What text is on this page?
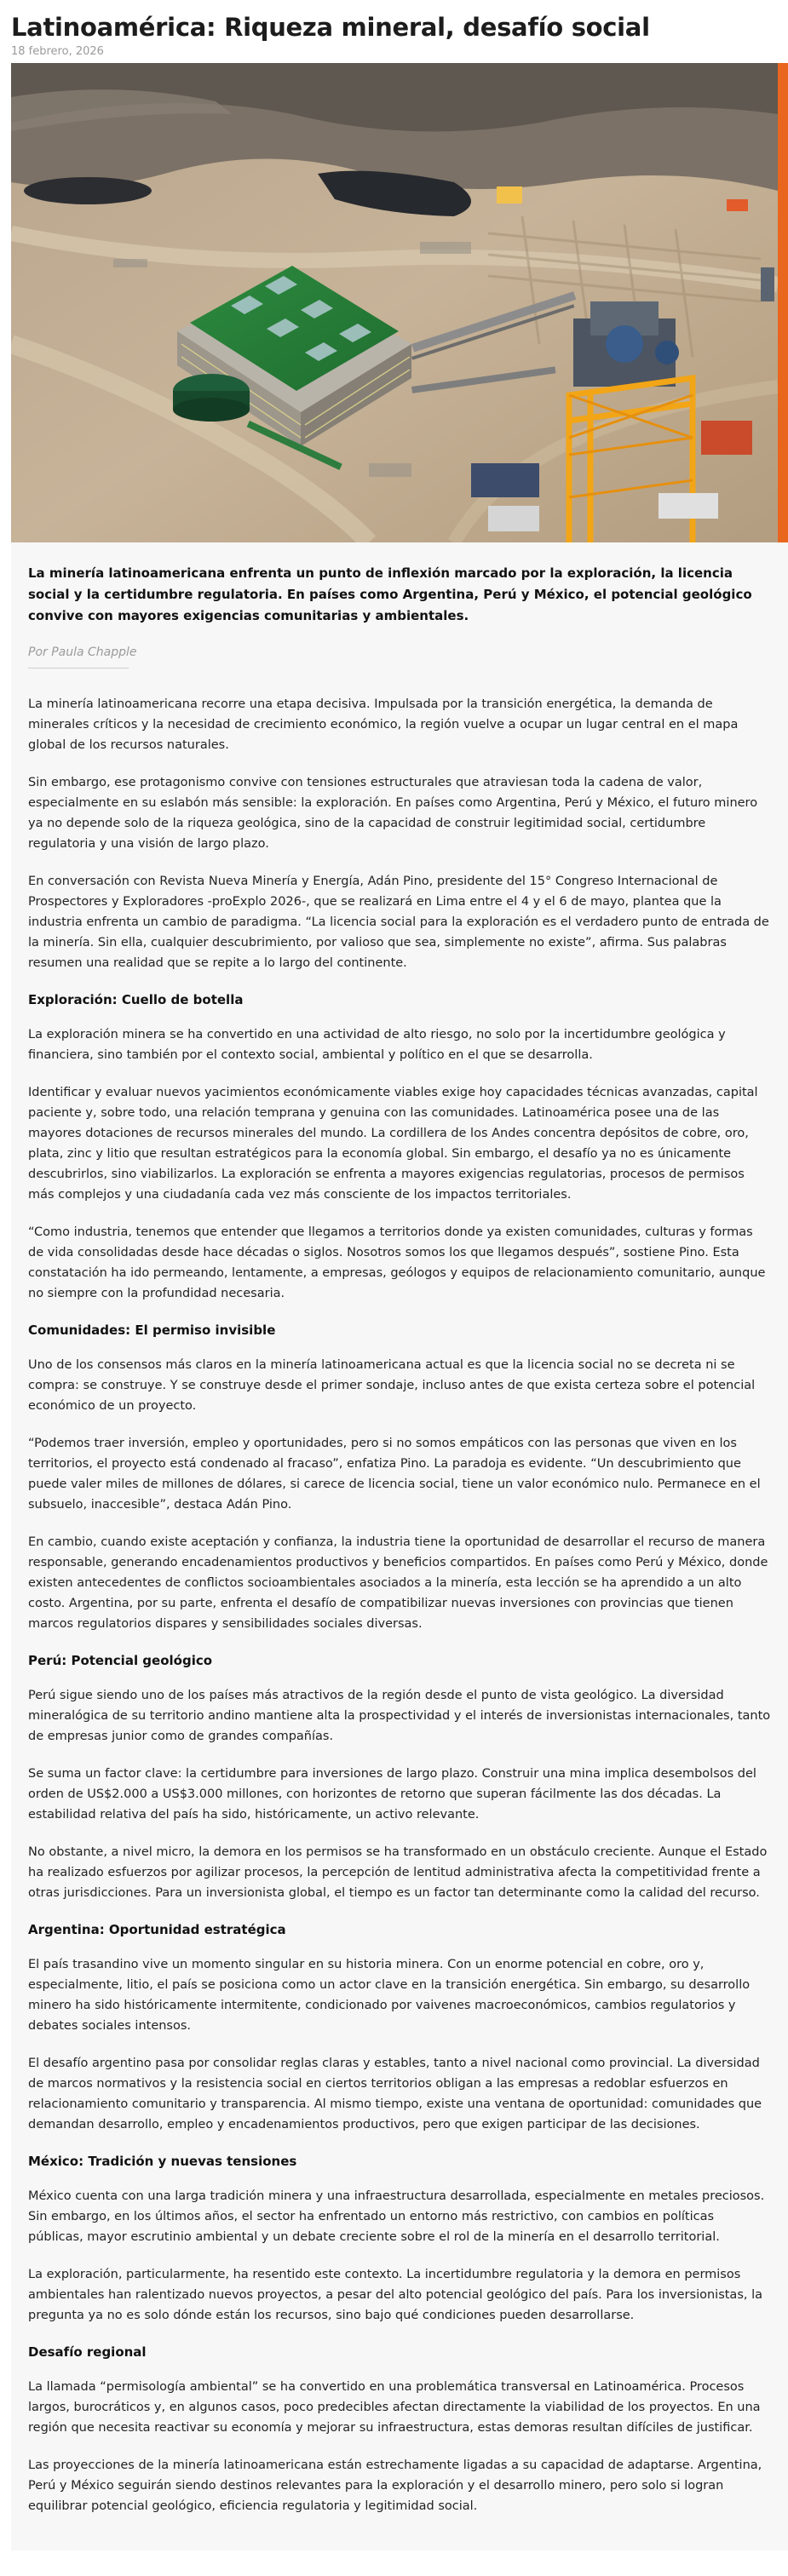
Latinoamérica: Riqueza mineral, desafío social
18 febrero, 2026

La minería latinoamericana enfrenta un punto de inflexión marcado por la exploración, la licencia social y la certidumbre regulatoria. En países como Argentina, Perú y México, el potencial geológico convive con mayores exigencias comunitarias y ambientales.

Por Paula Chapple

La minería latinoamericana recorre una etapa decisiva. Impulsada por la transición energética, la demanda de minerales críticos y la necesidad de crecimiento económico, la región vuelve a ocupar un lugar central en el mapa global de los recursos naturales.

Sin embargo, ese protagonismo convive con tensiones estructurales que atraviesan toda la cadena de valor, especialmente en su eslabón más sensible: la exploración. En países como Argentina, Perú y México, el futuro minero ya no depende solo de la riqueza geológica, sino de la capacidad de construir legitimidad social, certidumbre regulatoria y una visión de largo plazo.

En conversación con Revista Nueva Minería y Energía, Adán Pino, presidente del 15° Congreso Internacional de Prospectores y Exploradores -proExplo 2026-, que se realizará en Lima entre el 4 y el 6 de mayo, plantea que la industria enfrenta un cambio de paradigma. “La licencia social para la exploración es el verdadero punto de entrada de la minería. Sin ella, cualquier descubrimiento, por valioso que sea, simplemente no existe”, afirma. Sus palabras resumen una realidad que se repite a lo largo del continente.

Exploración: Cuello de botella

La exploración minera se ha convertido en una actividad de alto riesgo, no solo por la incertidumbre geológica y financiera, sino también por el contexto social, ambiental y político en el que se desarrolla.

Identificar y evaluar nuevos yacimientos económicamente viables exige hoy capacidades técnicas avanzadas, capital paciente y, sobre todo, una relación temprana y genuina con las comunidades. Latinoamérica posee una de las mayores dotaciones de recursos minerales del mundo. La cordillera de los Andes concentra depósitos de cobre, oro, plata, zinc y litio que resultan estratégicos para la economía global. Sin embargo, el desafío ya no es únicamente descubrirlos, sino viabilizarlos. La exploración se enfrenta a mayores exigencias regulatorias, procesos de permisos más complejos y una ciudadanía cada vez más consciente de los impactos territoriales.

“Como industria, tenemos que entender que llegamos a territorios donde ya existen comunidades, culturas y formas de vida consolidadas desde hace décadas o siglos. Nosotros somos los que llegamos después”, sostiene Pino. Esta constatación ha ido permeando, lentamente, a empresas, geólogos y equipos de relacionamiento comunitario, aunque no siempre con la profundidad necesaria.

Comunidades: El permiso invisible

Uno de los consensos más claros en la minería latinoamericana actual es que la licencia social no se decreta ni se compra: se construye. Y se construye desde el primer sondaje, incluso antes de que exista certeza sobre el potencial económico de un proyecto.

“Podemos traer inversión, empleo y oportunidades, pero si no somos empáticos con las personas que viven en los territorios, el proyecto está condenado al fracaso”, enfatiza Pino. La paradoja es evidente. “Un descubrimiento que puede valer miles de millones de dólares, si carece de licencia social, tiene un valor económico nulo. Permanece en el subsuelo, inaccesible”, destaca Adán Pino.

En cambio, cuando existe aceptación y confianza, la industria tiene la oportunidad de desarrollar el recurso de manera responsable, generando encadenamientos productivos y beneficios compartidos. En países como Perú y México, donde existen antecedentes de conflictos socioambientales asociados a la minería, esta lección se ha aprendido a un alto costo. Argentina, por su parte, enfrenta el desafío de compatibilizar nuevas inversiones con provincias que tienen marcos regulatorios dispares y sensibilidades sociales diversas.

Perú: Potencial geológico

Perú sigue siendo uno de los países más atractivos de la región desde el punto de vista geológico. La diversidad mineralógica de su territorio andino mantiene alta la prospectividad y el interés de inversionistas internacionales, tanto de empresas junior como de grandes compañías.

Se suma un factor clave: la certidumbre para inversiones de largo plazo. Construir una mina implica desembolsos del orden de US$2.000 a US$3.000 millones, con horizontes de retorno que superan fácilmente las dos décadas. La estabilidad relativa del país ha sido, históricamente, un activo relevante.

No obstante, a nivel micro, la demora en los permisos se ha transformado en un obstáculo creciente. Aunque el Estado ha realizado esfuerzos por agilizar procesos, la percepción de lentitud administrativa afecta la competitividad frente a otras jurisdicciones. Para un inversionista global, el tiempo es un factor tan determinante como la calidad del recurso.

Argentina: Oportunidad estratégica

El país trasandino vive un momento singular en su historia minera. Con un enorme potencial en cobre, oro y, especialmente, litio, el país se posiciona como un actor clave en la transición energética. Sin embargo, su desarrollo minero ha sido históricamente intermitente, condicionado por vaivenes macroeconómicos, cambios regulatorios y debates sociales intensos.

El desafío argentino pasa por consolidar reglas claras y estables, tanto a nivel nacional como provincial. La diversidad de marcos normativos y la resistencia social en ciertos territorios obligan a las empresas a redoblar esfuerzos en relacionamiento comunitario y transparencia. Al mismo tiempo, existe una ventana de oportunidad: comunidades que demandan desarrollo, empleo y encadenamientos productivos, pero que exigen participar de las decisiones.

México: Tradición y nuevas tensiones

México cuenta con una larga tradición minera y una infraestructura desarrollada, especialmente en metales preciosos. Sin embargo, en los últimos años, el sector ha enfrentado un entorno más restrictivo, con cambios en políticas públicas, mayor escrutinio ambiental y un debate creciente sobre el rol de la minería en el desarrollo territorial.

La exploración, particularmente, ha resentido este contexto. La incertidumbre regulatoria y la demora en permisos ambientales han ralentizado nuevos proyectos, a pesar del alto potencial geológico del país. Para los inversionistas, la pregunta ya no es solo dónde están los recursos, sino bajo qué condiciones pueden desarrollarse.

Desafío regional

La llamada “permisología ambiental” se ha convertido en una problemática transversal en Latinoamérica. Procesos largos, burocráticos y, en algunos casos, poco predecibles afectan directamente la viabilidad de los proyectos. En una región que necesita reactivar su economía y mejorar su infraestructura, estas demoras resultan difíciles de justificar.

Las proyecciones de la minería latinoamericana están estrechamente ligadas a su capacidad de adaptarse. Argentina, Perú y México seguirán siendo destinos relevantes para la exploración y el desarrollo minero, pero solo si logran equilibrar potencial geológico, eficiencia regulatoria y legitimidad social.
